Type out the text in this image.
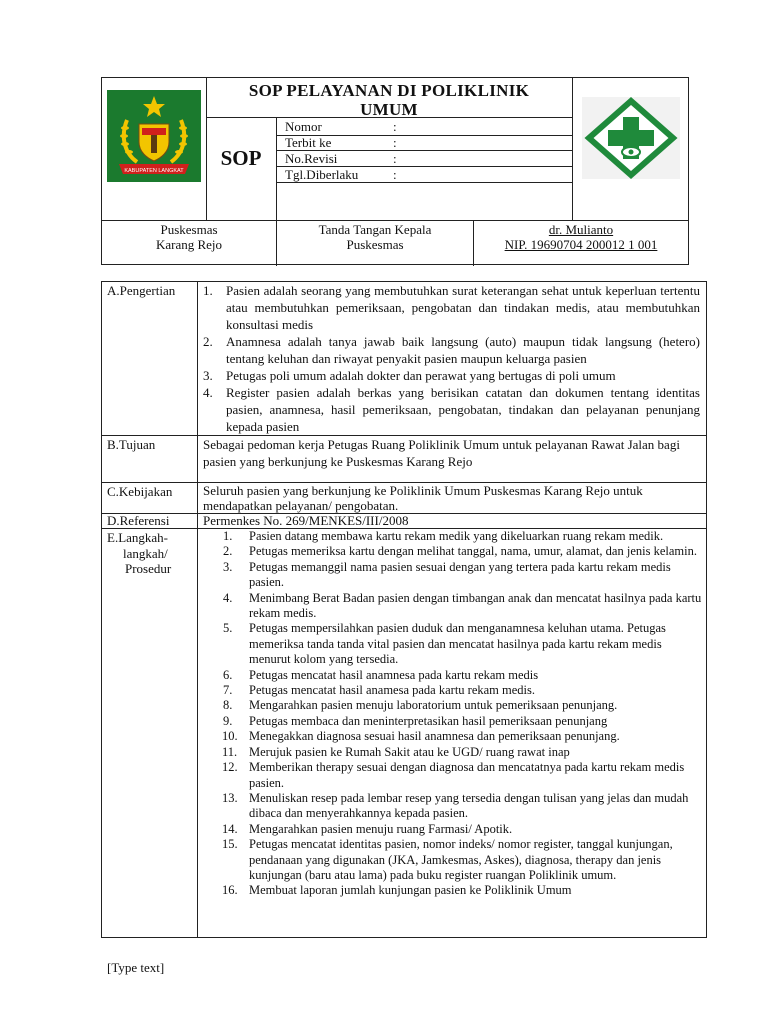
KABUPATEN LANGKAT
SOP PELAYANAN DI POLIKLINIK
UMUM
SOP
Nomor	:
Terbit ke	:
No.Revisi	:
Tgl.Diberlaku	:
Puskesmas
Karang Rejo
Tanda Tangan Kepala
Puskesmas
dr. Mulianto
NIP. 19690704 200012 1 001
A.Pengertian 1. Pasien adalah seorang yang membutuhkan surat keterangan sehat untuk keperluan tertentu atau membutuhkan pemeriksaan, pengobatan dan tindakan medis, atau membutuhkan konsultasi medis
2. Anamnesa adalah tanya jawab baik langsung (auto) maupun tidak langsung (hetero) tentang keluhan dan riwayat penyakit pasien maupun keluarga pasien
3. Petugas poli umum adalah dokter dan perawat yang bertugas di poli umum
4. Register pasien adalah berkas yang berisikan catatan dan dokumen tentang identitas pasien, anamnesa, hasil pemeriksaan, pengobatan, tindakan dan pelayanan penunjang kepada pasien
B.Tujuan	Sebagai pedoman kerja Petugas Ruang Poliklinik Umum untuk pelayanan Rawat Jalan bagi pasien yang berkunjung ke Puskesmas Karang Rejo
C.Kebijakan Seluruh pasien yang berkunjung ke Poliklinik Umum Puskesmas Karang Rejo untuk mendapatkan pelayanan/ pengobatan.
D.Referensi	Permenkes No. 269/MENKES/III/2008
E.Langkah-
langkah/
Prosedur
1. Pasien datang membawa kartu rekam medik yang dikeluarkan ruang rekam medik.
2. Petugas memeriksa kartu dengan melihat tanggal, nama, umur, alamat, dan jenis kelamin.
3. Petugas memanggil nama pasien sesuai dengan yang tertera pada kartu rekam medis pasien.
4. Menimbang Berat Badan pasien dengan timbangan anak dan mencatat hasilnya pada kartu rekam medis.
5. Petugas mempersilahkan pasien duduk dan menganamnesa keluhan utama. Petugas memeriksa tanda tanda vital pasien dan mencatat hasilnya pada kartu rekam medis menurut kolom yang tersedia.
6. Petugas mencatat hasil anamnesa pada kartu rekam medis
7. Petugas mencatat hasil anamesa pada kartu rekam medis.
8. Mengarahkan pasien menuju laboratorium untuk pemeriksaan penunjang.
9. Petugas membaca dan meninterpretasikan hasil pemeriksaan penunjang
10. Menegakkan diagnosa sesuai hasil anamnesa dan pemeriksaan penunjang.
11. Merujuk pasien ke Rumah Sakit atau ke UGD/ ruang rawat inap
12. Memberikan therapy sesuai dengan diagnosa dan mencatatnya pada kartu rekam medis pasien.
13. Menuliskan resep pada lembar resep yang tersedia dengan tulisan yang jelas dan mudah dibaca dan menyerahkannya kepada pasien.
14. Mengarahkan pasien menuju ruang Farmasi/ Apotik.
15. Petugas mencatat identitas pasien, nomor indeks/ nomor register, tanggal kunjungan, pendanaan yang digunakan (JKA, Jamkesmas, Askes), diagnosa, therapy dan jenis kunjungan (baru atau lama) pada buku register ruangan Poliklinik umum.
16. Membuat laporan jumlah kunjungan pasien ke Poliklinik Umum
[Type text]
